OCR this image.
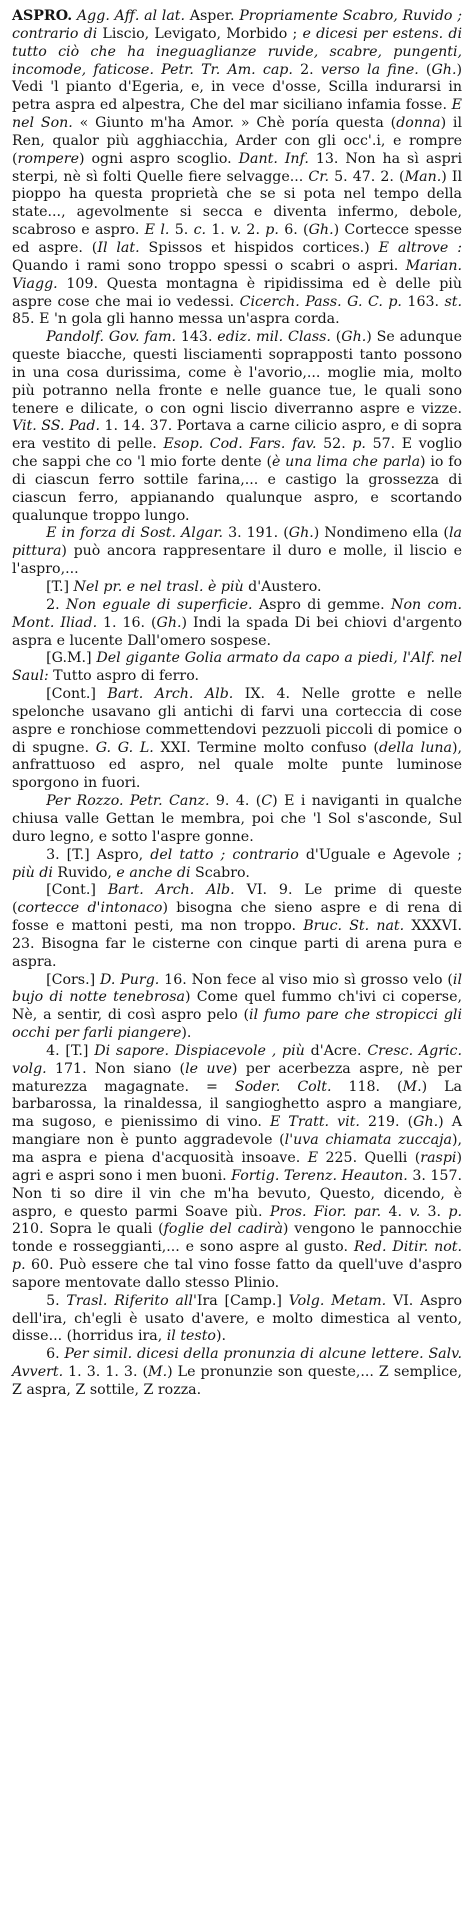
ASPRO. Agg. Aff. al lat. Asper. Propriamente Scabro, Ruvido ; contrario di Liscio, Levigato, Morbido ; e dicesi per estens. di tutto ciò che ha ineguaglianze ruvide, scabre, pungenti, incomode, faticose. Petr. Tr. Am. cap. 2. verso la fine. (Gh.) Vedi 'l pianto d'Egeria, e, in vece d'osse, Scilla indurarsi in petra aspra ed alpestra, Che del mar siciliano infamia fosse. E nel Son. « Giunto m'ha Amor. » Chè poría questa (donna) il Ren, qualor più agghiacchia, Arder con gli occ'.i, e rompre (rompere) ogni aspro scoglio. Dant. Inf. 13. Non ha sì aspri sterpi, nè sì folti Quelle fiere selvagge... Cr. 5. 47. 2. (Man.) Il pioppo ha questa proprietà che se si pota nel tempo della state..., agevolmente si secca e diventa infermo, debole, scabroso e aspro. E l. 5. c. 1. v. 2. p. 6. (Gh.) Cortecce spesse ed aspre. (Il lat. Spissos et hispidos cortices.) E altrove : Quando i rami sono troppo spessi o scabri o aspri. Marian. Viagg. 109. Questa montagna è ripidissima ed è delle più aspre cose che mai io vedessi. Cicerch. Pass. G. C. p. 163. st. 85. E 'n gola gli hanno messa un'aspra corda.

Pandolf. Gov. fam. 143. ediz. mil. Class. (Gh.) Se adunque queste biacche, questi lisciamenti soprapposti tanto possono in una cosa durissima, come è l'avorio,... moglie mia, molto più potranno nella fronte e nelle guance tue, le quali sono tenere e dilicate, o con ogni liscio diverranno aspre e vizze. Vit. SS. Pad. 1. 14. 37. Portava a carne cilicio aspro, e di sopra era vestito di pelle. Esop. Cod. Fars. fav. 52. p. 57. E voglio che sappi che co 'l mio forte dente (è una lima che parla) io fo di ciascun ferro sottile farina,... e castigo la grossezza di ciascun ferro, appianando qualunque aspro, e scortando qualunque troppo lungo.

E in forza di Sost. Algar. 3. 191. (Gh.) Nondimeno ella (la pittura) può ancora rappresentare il duro e molle, il liscio e l'aspro,...

[T.] Nel pr. e nel trasl. è più d'Austero.

2. Non eguale di superficie. Aspro di gemme. Non com. Mont. Iliad. 1. 16. (Gh.) Indi la spada Di bei chiovi d'argento aspra e lucente Dall'omero sospese.

[G.M.] Del gigante Golia armato da capo a piedi, l'Alf. nel Saul: Tutto aspro di ferro.

[Cont.] Bart. Arch. Alb. IX. 4. Nelle grotte e nelle spelonche usavano gli antichi di farvi una corteccia di cose aspre e ronchiose commettendovi pezzuoli piccoli di pomice o di spugne. G. G. L. XXI. Termine molto confuso (della luna), anfrattuoso ed aspro, nel quale molte punte luminose sporgono in fuori.

Per Rozzo. Petr. Canz. 9. 4. (C) E i naviganti in qualche chiusa valle Gettan le membra, poi che 'l Sol s'asconde, Sul duro legno, e sotto l'aspre gonne.

3. [T.] Aspro, del tatto ; contrario d'Uguale e Agevole ; più di Ruvido, e anche di Scabro.

[Cont.] Bart. Arch. Alb. VI. 9. Le prime di queste (cortecce d'intonaco) bisogna che sieno aspre e di rena di fosse e mattoni pesti, ma non troppo. Bruc. St. nat. XXXVI. 23. Bisogna far le cisterne con cinque parti di arena pura e aspra.

[Cors.] D. Purg. 16. Non fece al viso mio sì grosso velo (il bujo di notte tenebrosa) Come quel fummo ch'ivi ci coperse, Nè, a sentir, di così aspro pelo (il fumo pare che stropicci gli occhi per farli piangere).

4. [T.] Di sapore. Dispiacevole , più d'Acre. Cresc. Agric. volg. 171. Non siano (le uve) per acerbezza aspre, nè per maturezza magagnate. = Soder. Colt. 118. (M.) La barbarossa, la rinaldessa, il sangioghetto aspro a mangiare, ma sugoso, e pienissimo di vino. E Tratt. vit. 219. (Gh.) A mangiare non è punto aggradevole (l'uva chiamata zuccaja), ma aspra e piena d'acquosità insoave. E 225. Quelli (raspi) agri e aspri sono i men buoni. Fortig. Terenz. Heauton. 3. 157. Non ti so dire il vin che m'ha bevuto, Questo, dicendo, è aspro, e questo parmi Soave più. Pros. Fior. par. 4. v. 3. p. 210. Sopra le quali (foglie del cadirà) vengono le pannocchie tonde e rosseggianti,... e sono aspre al gusto. Red. Ditir. not. p. 60. Può essere che tal vino fosse fatto da quell'uve d'aspro sapore mentovate dallo stesso Plinio.

5. Trasl. Riferito all'Ira [Camp.] Volg. Metam. VI. Aspro dell'ira, ch'egli è usato d'avere, e molto dimestica al vento, disse... (horridus ira, il testo).

6. Per simil. dicesi della pronunzia di alcune lettere. Salv. Avvert. 1. 3. 1. 3. (M.) Le pronunzie son queste,... Z semplice, Z aspra, Z sottile, Z rozza.
